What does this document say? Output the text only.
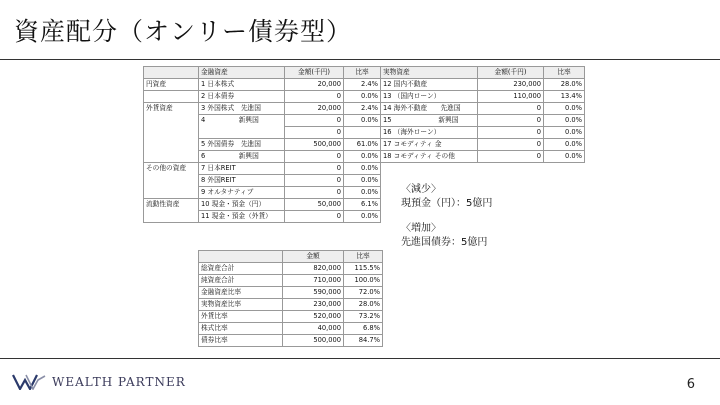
資産配分（オンリー債券型）
	金融資産	金額(千円)	比率	実物資産	金額(千円)	比率
円資産	1 日本株式	20,000	2.4%	12 国内不動産	230,000	28.0%
	2 日本債券	0	0.0%	13 （国内ローン）	110,000	13.4%
外貨資産	3 外国株式　先進国	20,000	2.4%	14 海外不動産　　先進国	0	0.0%
	4　　　　　新興国	0	0.0%	15　　　　　　　新興国	0	0.0%
		0		16 （海外ローン）	0	0.0%
	5 外国債券　先進国	500,000	61.0%	17 コモディティ 金	0	0.0%
	6　　　　　新興国	0	0.0%	18 コモディティ その他	0	0.0%
その他の資産	7 日本REIT	0	0.0%			
	8 外国REIT	0	0.0%			
	9 オルタナティブ	0	0.0%			
流動性資産	10 現金・預金（円）	50,000	6.1%			
	11 現金・預金（外貨）	0	0.0%			
〈減少〉
現預金（円）：5億円
〈増加〉
先進国債券：5億円
	金額	比率
総資産合計	820,000	115.5%
純資産合計	710,000	100.0%
金融資産比率	590,000	72.0%
実物資産比率	230,000	28.0%
外貨比率	520,000	73.2%
株式比率	40,000	6.8%
債券比率	500,000	84.7%
WEALTH PARTNER	6
